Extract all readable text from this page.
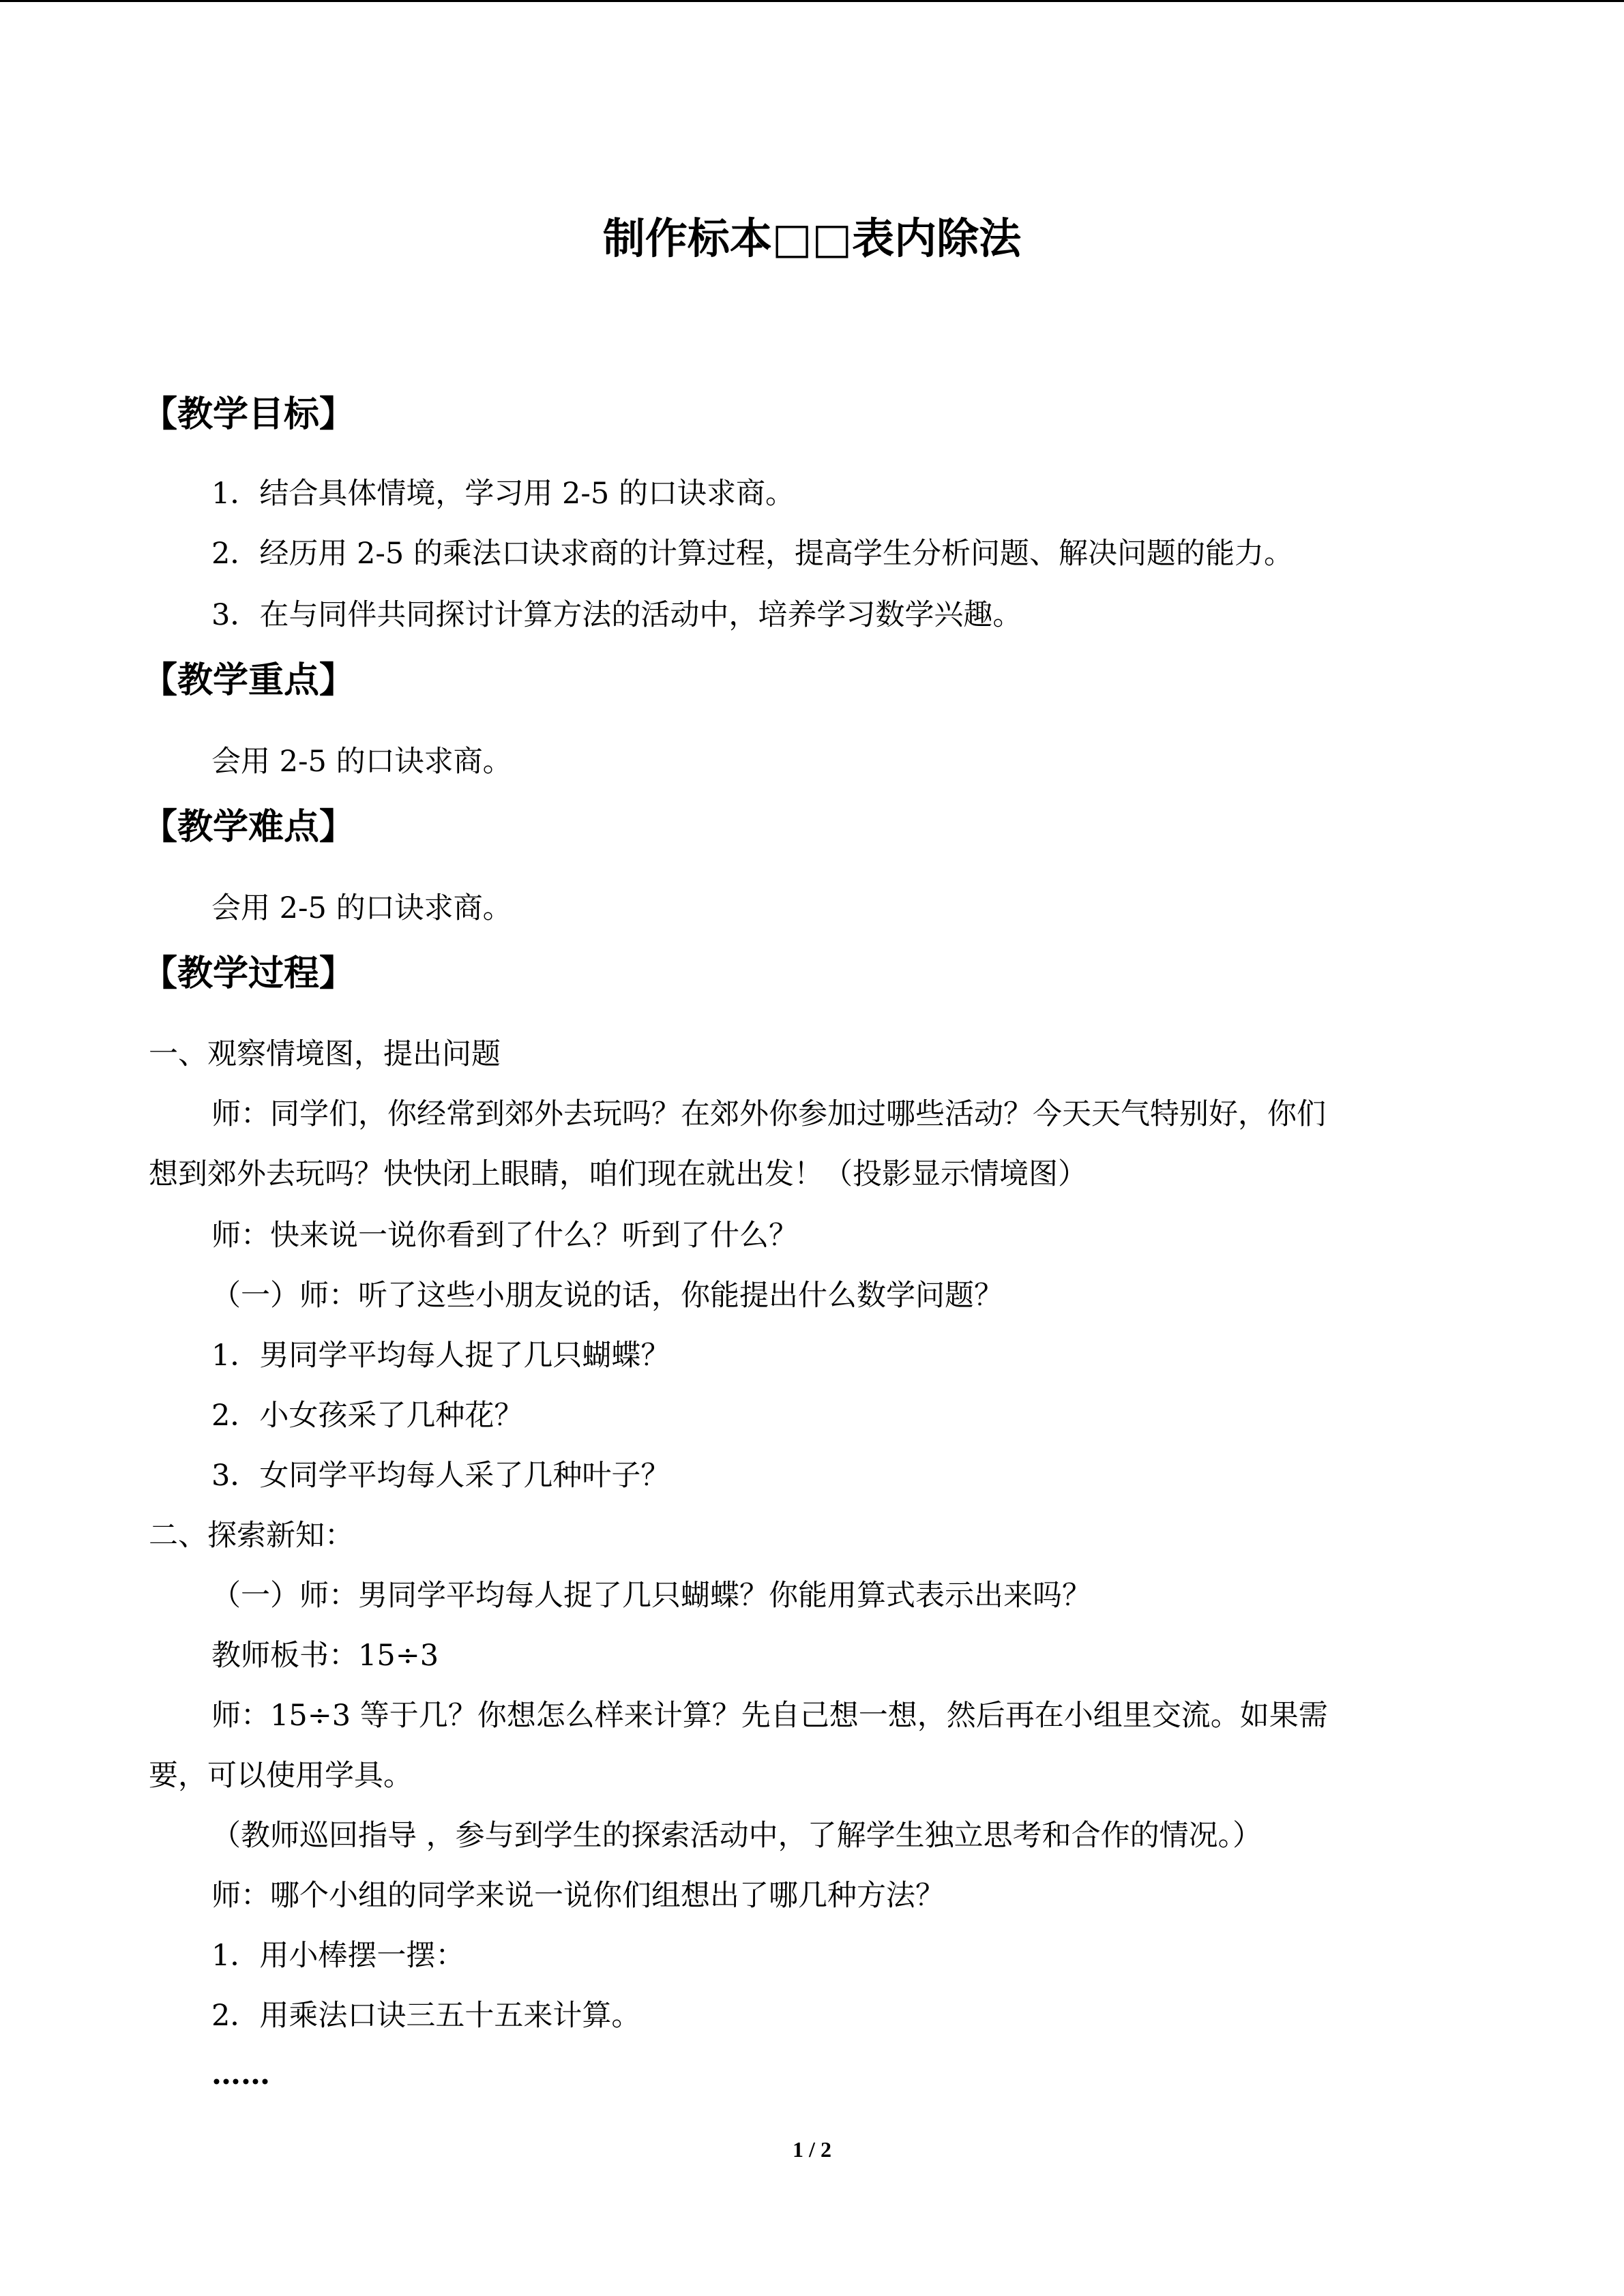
制作标本□□表内除法
【教学目标】
1．结合具体情境，学习用 2-5 的口诀求商。
2．经历用 2-5 的乘法口诀求商的计算过程，提高学生分析问题、解决问题的能力。
3．在与同伴共同探讨计算方法的活动中，培养学习数学兴趣。
【教学重点】
会用 2-5 的口诀求商。
【教学难点】
会用 2-5 的口诀求商。
【教学过程】
一、观察情境图，提出问题
师：同学们，你经常到郊外去玩吗？在郊外你参加过哪些活动？今天天气特别好，你们
想到郊外去玩吗？快快闭上眼睛，咱们现在就出发！（投影显示情境图）
师：快来说一说你看到了什么？听到了什么？
（一）师：听了这些小朋友说的话，你能提出什么数学问题？
1．男同学平均每人捉了几只蝴蝶？
2．小女孩采了几种花？
3．女同学平均每人采了几种叶子？
二、探索新知：
（一）师：男同学平均每人捉了几只蝴蝶？你能用算式表示出来吗？
教师板书：15÷3
师：15÷3 等于几？你想怎么样来计算？先自己想一想，然后再在小组里交流。如果需
要，可以使用学具。
（教师巡回指导 ，参与到学生的探索活动中，了解学生独立思考和合作的情况。）
师：哪个小组的同学来说一说你们组想出了哪几种方法？
1．用小棒摆一摆：
2．用乘法口诀三五十五来计算。
……
1 / 2
